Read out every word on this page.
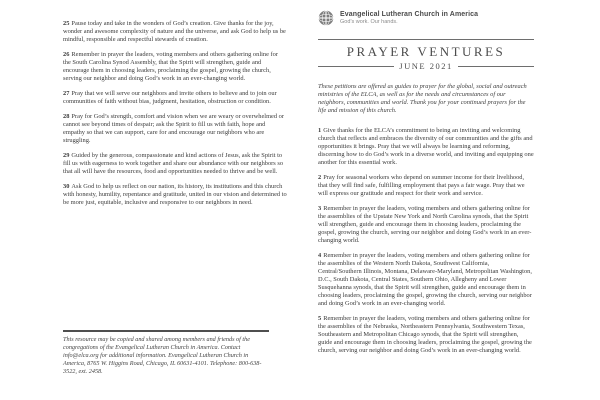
25 Pause today and take in the wonders of God’s creation. Give thanks for the joy, wonder and awesome complexity of nature and the universe, and ask God to help us be mindful, responsible and respectful stewards of creation.

26 Remember in prayer the leaders, voting members and others gathering online for the South Carolina Synod Assembly, that the Spirit will strengthen, guide and encourage them in choosing leaders, proclaiming the gospel, growing the church, serving our neighbor and doing God’s work in an ever-changing world.

27 Pray that we will serve our neighbors and invite others to believe and to join our communities of faith without bias, judgment, hesitation, obstruction or condition.

28 Pray for God’s strength, comfort and vision when we are weary or overwhelmed or cannot see beyond times of despair; ask the Spirit to fill us with faith, hope and empathy so that we can support, care for and encourage our neighbors who are struggling.

29 Guided by the generous, compassionate and kind actions of Jesus, ask the Spirit to fill us with eagerness to work together and share our abundance with our neighbors so that all will have the resources, food and opportunities needed to thrive and be well.

30 Ask God to help us reflect on our nation, its history, its institutions and this church with honesty, humility, repentance and gratitude, united in our vision and determined to be more just, equitable, inclusive and responsive to our neighbors in need.

This resource may be copied and shared among members and friends of the congregations of the Evangelical Lutheran Church in America. Contact info@elca.org for additional information. Evangelical Lutheran Church in America, 8765 W. Higgins Road, Chicago, IL 60631-4101. Telephone: 800-638-3522, ext. 2458.
Evangelical Lutheran Church in America
God’s work. Our hands.
PRAYER VENTURES
JUNE 2021

These petitions are offered as guides to prayer for the global, social and outreach ministries of the ELCA, as well as for the needs and circumstances of our neighbors, communities and world. Thank you for your continued prayers for the life and mission of this church.

1 Give thanks for the ELCA’s commitment to being an inviting and welcoming church that reflects and embraces the diversity of our communities and the gifts and opportunities it brings. Pray that we will always be learning and reforming, discerning how to do God’s work in a diverse world, and inviting and equipping one another for this essential work.

2 Pray for seasonal workers who depend on summer income for their livelihood, that they will find safe, fulfilling employment that pays a fair wage. Pray that we will express our gratitude and respect for their work and service.

3 Remember in prayer the leaders, voting members and others gathering online for the assemblies of the Upstate New York and North Carolina synods, that the Spirit will strengthen, guide and encourage them in choosing leaders, proclaiming the gospel, growing the church, serving our neighbor and doing God’s work in an ever-changing world.

4 Remember in prayer the leaders, voting members and others gathering online for the assemblies of the Western North Dakota, Southwest California, Central/Southern Illinois, Montana, Delaware-Maryland, Metropolitan Washington, D.C., South Dakota, Central States, Southern Ohio, Allegheny and Lower Susquehanna synods, that the Spirit will strengthen, guide and encourage them in choosing leaders, proclaiming the gospel, growing the church, serving our neighbor and doing God’s work in an ever-changing world.

5 Remember in prayer the leaders, voting members and others gathering online for the assemblies of the Nebraska, Northeastern Pennsylvania, Southwestern Texas, Southeastern and Metropolitan Chicago synods, that the Spirit will strengthen, guide and encourage them in choosing leaders, proclaiming the gospel, growing the church, serving our neighbor and doing God’s work in an ever-changing world.
